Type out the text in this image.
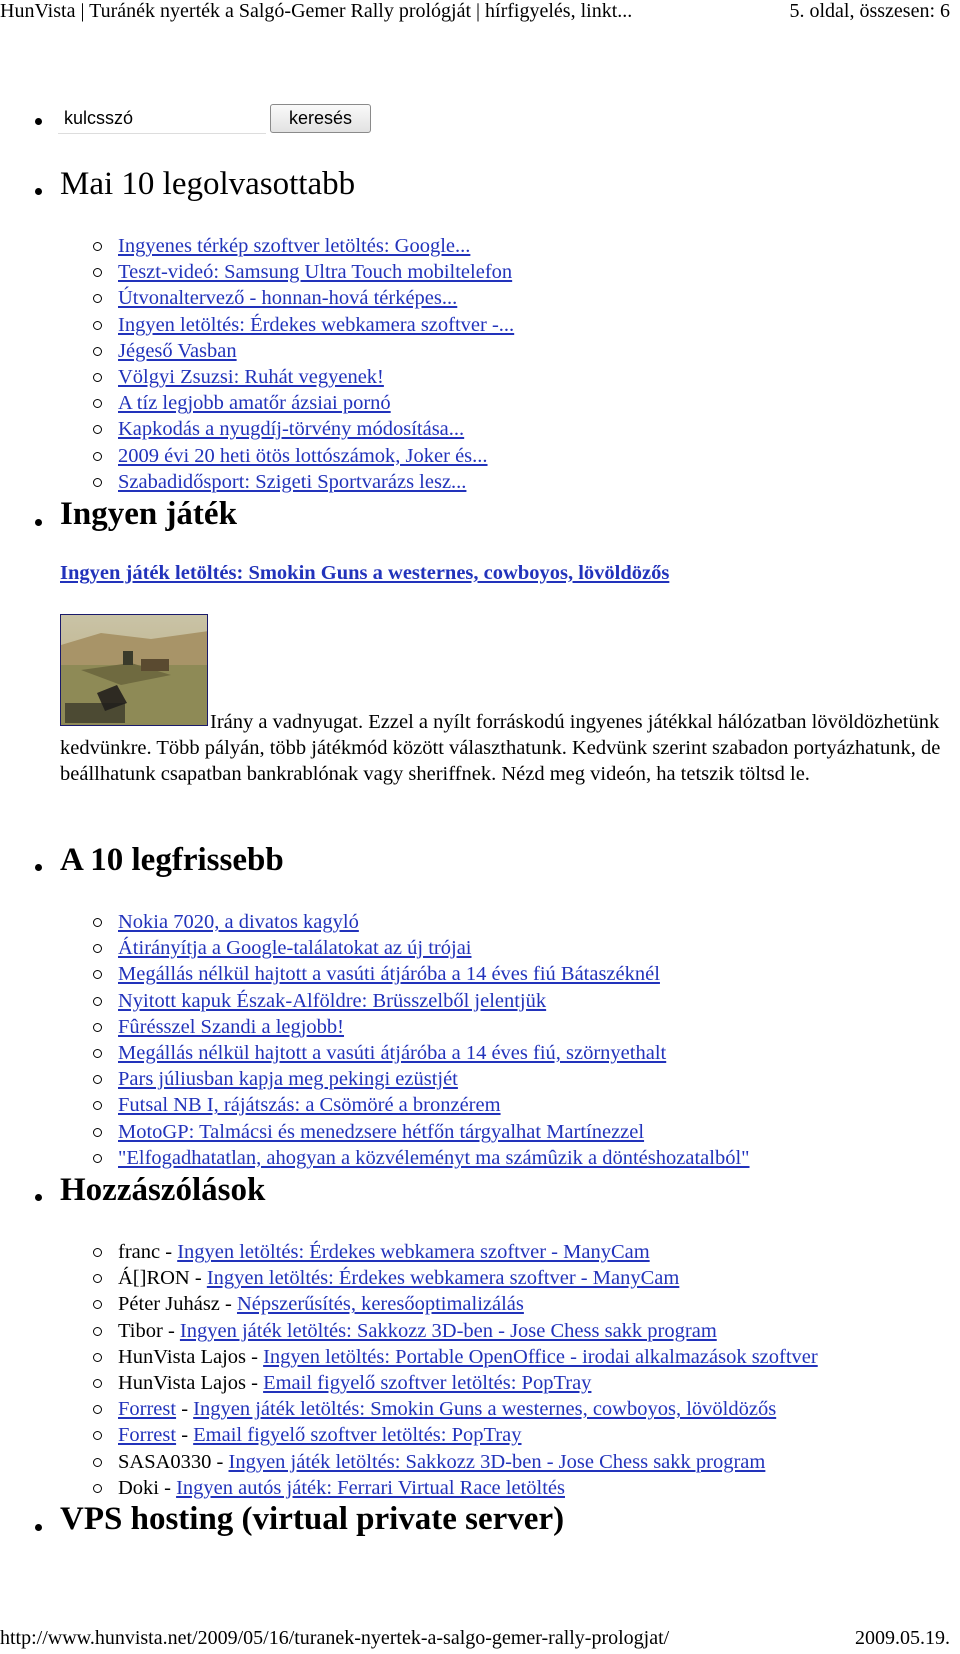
HunVista | Turánék nyerték a Salgó-Gemer Rally prológját | hírfigyelés, linkt...	5. oldal, összesen: 6
kulcsszó
keresés
Mai 10 legolvasottabb
Ingyenes térkép szoftver letöltés: Google...
Teszt-videó: Samsung Ultra Touch mobiltelefon
Útvonaltervező - honnan-hová térképes...
Ingyen letöltés: Érdekes webkamera szoftver -...
Jégeső Vasban
Völgyi Zsuzsi: Ruhát vegyenek!
A tíz legjobb amatőr ázsiai pornó
Kapkodás a nyugdíj-törvény módosítása...
2009 évi 20 heti ötös lottószámok, Joker és...
Szabadidősport: Szigeti Sportvarázs lesz...
Ingyen játék
Ingyen játék letöltés: Smokin Guns a westernes, cowboyos, lövöldözős
Irány a vadnyugat. Ezzel a nyílt forráskodú ingyenes játékkal hálózatban lövöldözhetünk kedvünkre. Több pályán, több játékmód között választhatunk. Kedvünk szerint szabadon portyázhatunk, de beállhatunk csapatban bankrablónak vagy sheriffnek. Nézd meg videón, ha tetszik töltsd le.
A 10 legfrissebb
Nokia 7020, a divatos kagyló
Átirányítja a Google-találatokat az új trójai
Megállás nélkül hajtott a vasúti átjáróba a 14 éves fiú Bátaszéknél
Nyitott kapuk Észak-Alföldre: Brüsszelből jelentjük
Fûrésszel Szandi a legjobb!
Megállás nélkül hajtott a vasúti átjáróba a 14 éves fiú, szörnyethalt
Pars júliusban kapja meg pekingi ezüstjét
Futsal NB I, rájátszás: a Csömöré a bronzérem
MotoGP: Talmácsi és menedzsere hétfőn tárgyalhat Martínezzel
"Elfogadhatatlan, ahogyan a közvéleményt ma számûzik a döntéshozatalból"
Hozzászólások
franc - Ingyen letöltés: Érdekes webkamera szoftver - ManyCam
Á[]RON - Ingyen letöltés: Érdekes webkamera szoftver - ManyCam
Péter Juhász - Népszerűsítés, keresőoptimalizálás
Tibor - Ingyen játék letöltés: Sakkozz 3D-ben - Jose Chess sakk program
HunVista Lajos - Ingyen letöltés: Portable OpenOffice - irodai alkalmazások szoftver
HunVista Lajos - Email figyelő szoftver letöltés: PopTray
Forrest - Ingyen játék letöltés: Smokin Guns a westernes, cowboyos, lövöldözős
Forrest - Email figyelő szoftver letöltés: PopTray
SASA0330 - Ingyen játék letöltés: Sakkozz 3D-ben - Jose Chess sakk program
Doki - Ingyen autós játék: Ferrari Virtual Race letöltés
VPS hosting (virtual private server)
http://www.hunvista.net/2009/05/16/turanek-nyertek-a-salgo-gemer-rally-prologjat/	2009.05.19.
